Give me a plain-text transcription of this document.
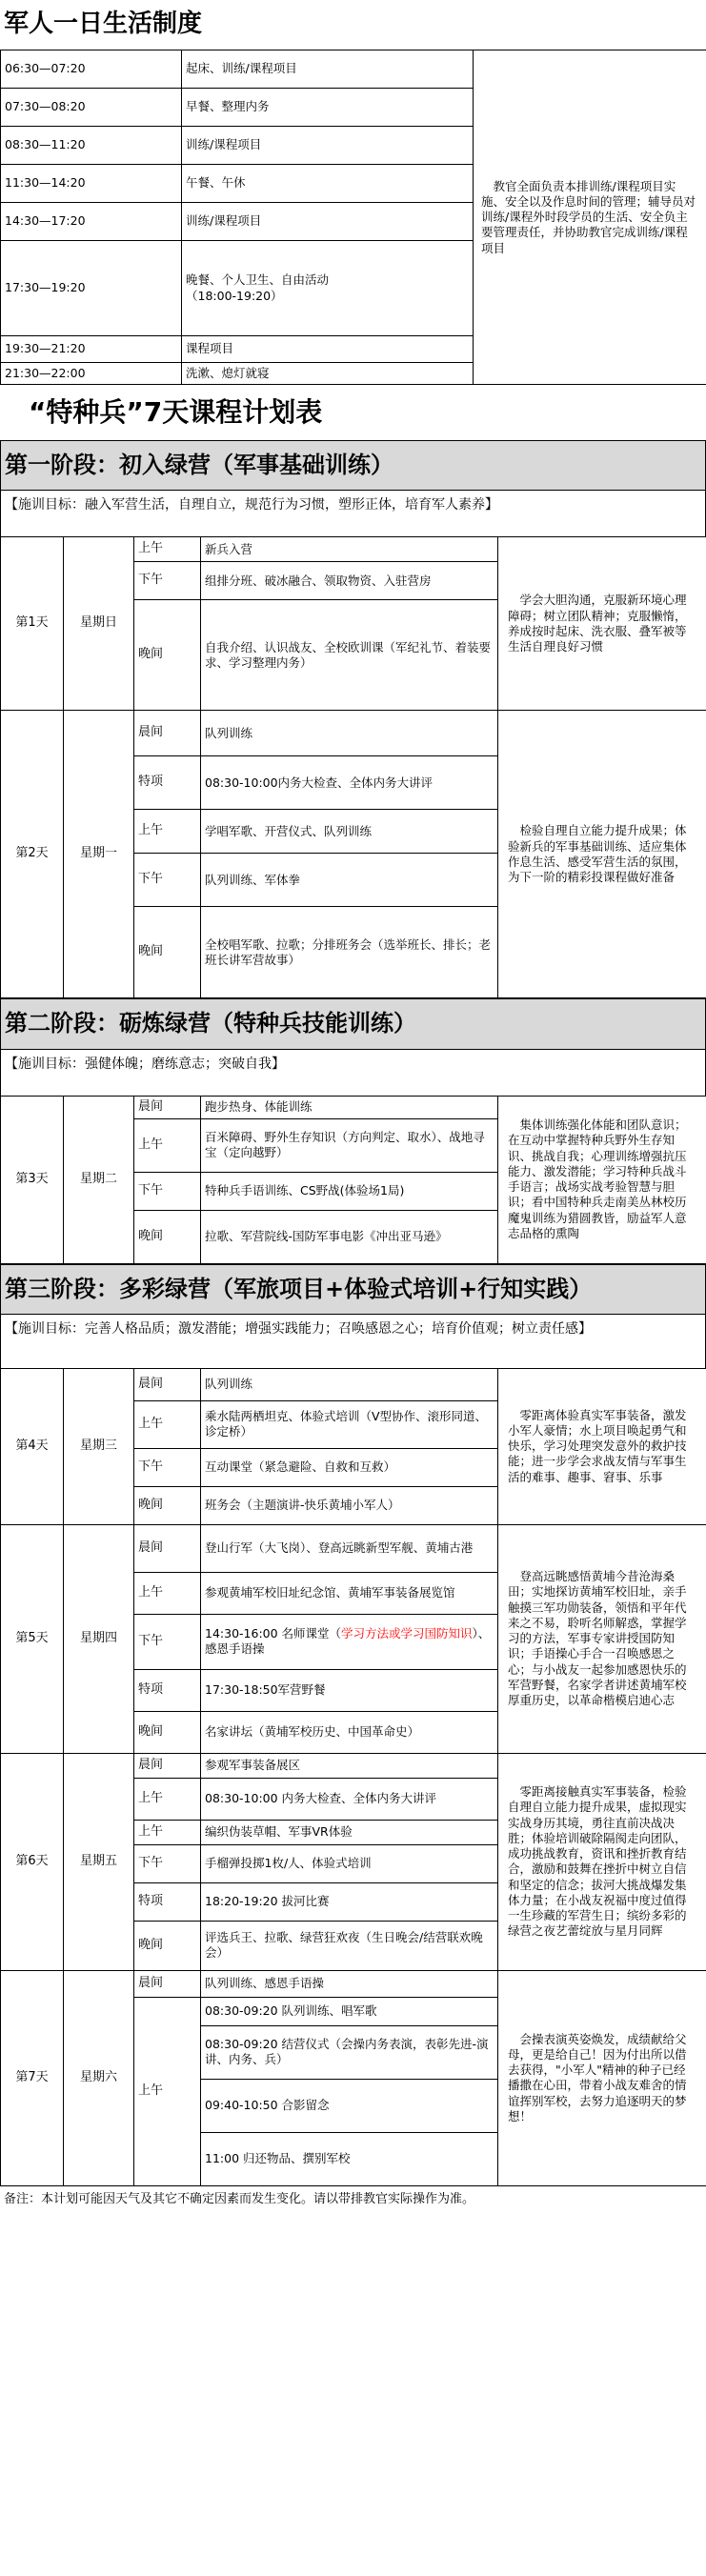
军人一日生活制度
06:30—07:20	起床、训练/课程项目	　教官全面负责本排训练/课程项目实施、安全以及作息时间的管理；辅导员对训练/课程外时段学员的生活、安全负主要管理责任，并协助教官完成训练/课程项目
07:30—08:20	早餐、整理内务	
08:30—11:20	训练/课程项目	
11:30—14:20	午餐、午休	
14:30—17:20	训练/课程项目	
17:30—19:20	晚餐、个人卫生、自由活动
（18:00-19:20）	
19:30—21:20	课程项目	
21:30—22:00	洗漱、熄灯就寝	
“特种兵”7天课程计划表
第一阶段：初入绿营（军事基础训练）
【施训目标：融入军营生活，自理自立，规范行为习惯，塑形正体，培育军人素养】
第1天	星期日	上午	新兵入营	　学会大胆沟通，克服新环境心理障碍；树立团队精神；克服懒惰，养成按时起床、洗衣服、叠军被等生活自理良好习惯
		下午	组排分班、破冰融合、领取物资、入驻营房	
		晚间	自我介绍、认识战友、全校欧训课（军纪礼节、着装要求、学习整理内务）	
第2天	星期一	晨间	队列训练	　检验自理自立能力提升成果；体验新兵的军事基础训练、适应集体作息生活、感受军营生活的氛围，为下一阶的精彩投课程做好准备
		特项	08:30-10:00内务大检查、全体内务大讲评	
		上午	学唱军歌、开营仪式、队列训练	
		下午	队列训练、军体拳	
		晚间	全校唱军歌、拉歌；分排班务会（选举班长、排长；老班长讲军营故事）	
第二阶段：砺炼绿营（特种兵技能训练）
【施训目标：强健体魄；磨练意志；突破自我】
第3天	星期二	晨间	跑步热身、体能训练	　集体训练强化体能和团队意识；在互动中掌握特种兵野外生存知识、挑战自我；心理训练增强抗压能力、激发潜能；学习特种兵战斗手语言；战场实战考验智慧与胆识；看中国特种兵走南美丛林校历魔鬼训练为猎圆教皆，励益军人意志品格的熏陶
		上午	百米障碍、野外生存知识（方向判定、取水）、战地寻宝（定向越野）	
		下午	特种兵手语训练、CS野战(体验场1局)	
		晚间	拉歌、军营院线-国防军事电影《冲出亚马逊》	
第三阶段：多彩绿营（军旅项目+体验式培训+行知实践）
【施训目标：完善人格品质；激发潜能；增强实践能力；召唤感恩之心；培育价值观；树立责任感】
第4天	星期三	晨间	队列训练	　零距离体验真实军事装备，激发小军人豪情；水上项目唤起勇气和快乐，学习处理突发意外的救护技能；进一步学会求战友情与军事生活的难事、趣事、窘事、乐事
		上午	乘水陆两栖坦克、体验式培训（V型协作、滚形同道、诊定桥）	
		下午	互动课堂（紧急避险、自救和互救）	
		晚间	班务会（主题演讲-快乐黄埔小军人）	
第5天	星期四	晨间	登山行军（大飞岗）、登高远眺新型军舰、黄埔古港	　登高远眺感悟黄埔今昔沧海桑田；实地探访黄埔军校旧址，亲手触摸三军功勋装备，领悟和平年代来之不易，聆听名师解惑，掌握学习的方法，军事专家讲授国防知识；手语操心手合一召唤感恩之心；与小战友一起参加感恩快乐的军营野餐，名家学者讲述黄埔军校厚重历史，以革命楷模启迪心志
		上午	参观黄埔军校旧址纪念馆、黄埔军事装备展览馆	
		下午	14:30-16:00 名师课堂（学习方法或学习国防知识）、感恩手语操	
		特项	17:30-18:50军营野餐	
		晚间	名家讲坛（黄埔军校历史、中国革命史）	
第6天	星期五	晨间	参观军事装备展区	　零距离接触真实军事装备，检验自理自立能力提升成果，虚拟现实实战身历其境，勇往直前决战决胜；体验培训破除隔阂走向团队，成功挑战教育，资讯和挫折教育结合，激励和鼓舞在挫折中树立自信和坚定的信念；拔河大挑战爆发集体力量；在小战友祝福中度过值得一生珍藏的军营生日；缤纷多彩的绿营之夜艺蕾绽放与星月同辉
		上午	08:30-10:00 内务大检查、全体内务大讲评	
		上午	编织伪装草帽、军事VR体验	
		下午	手榴弹投掷1枚/人、体验式培训	
		特项	18:20-19:20 拔河比赛	
		晚间	评选兵王、拉歌、绿营狂欢夜（生日晚会/结营联欢晚会）	
第7天	星期六	晨间	队列训练、感恩手语操	　会操表演英姿焕发，成绩献给父母，更是给自己！因为付出所以借去获得，"小军人"精神的种子已经播撒在心田，带着小战友难舍的情谊挥别军校，去努力追逐明天的梦想！
		上午	08:30-09:20 队列训练、唱军歌	
			08:30-09:20 结营仪式（会操内务表演，表彰先进-演讲、内务、兵）	
			09:40-10:50 合影留念	
			11:00 归还物品、撰别军校	
备注：本计划可能因天气及其它不确定因素而发生变化。请以带排教官实际操作为准。
